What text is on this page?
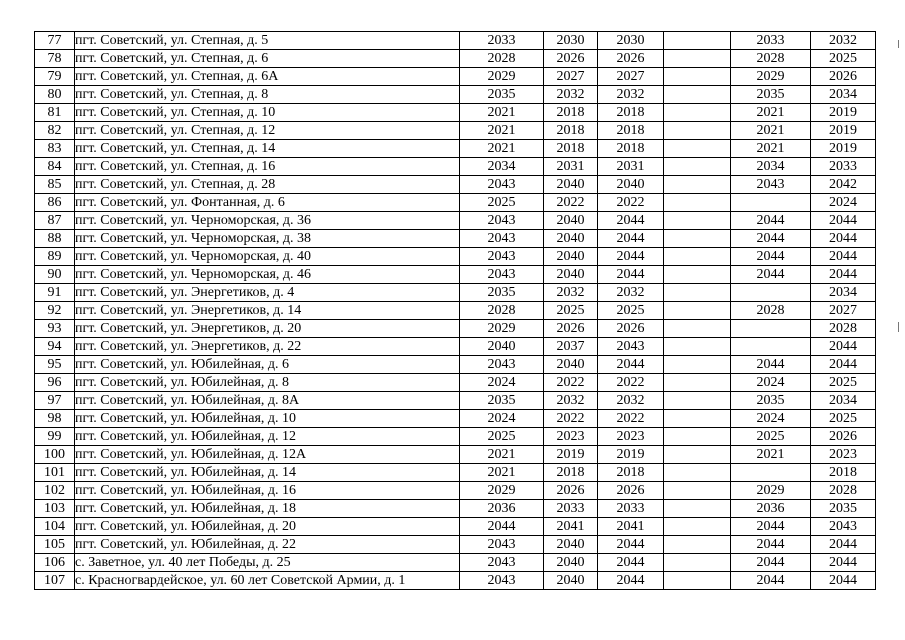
77	пгт. Советский, ул. Степная, д. 5	2033	2030	2030		2033	2032
78	пгт. Советский, ул. Степная, д. 6	2028	2026	2026		2028	2025
79	пгт. Советский, ул. Степная, д. 6А	2029	2027	2027		2029	2026
80	пгт. Советский, ул. Степная, д. 8	2035	2032	2032		2035	2034
81	пгт. Советский, ул. Степная, д. 10	2021	2018	2018		2021	2019
82	пгт. Советский, ул. Степная, д. 12	2021	2018	2018		2021	2019
83	пгт. Советский, ул. Степная, д. 14	2021	2018	2018		2021	2019
84	пгт. Советский, ул. Степная, д. 16	2034	2031	2031		2034	2033
85	пгт. Советский, ул. Степная, д. 28	2043	2040	2040		2043	2042
86	пгт. Советский, ул. Фонтанная, д. 6	2025	2022	2022			2024
87	пгт. Советский, ул. Черноморская, д. 36	2043	2040	2044		2044	2044
88	пгт. Советский, ул. Черноморская, д. 38	2043	2040	2044		2044	2044
89	пгт. Советский, ул. Черноморская, д. 40	2043	2040	2044		2044	2044
90	пгт. Советский, ул. Черноморская, д. 46	2043	2040	2044		2044	2044
91	пгт. Советский, ул. Энергетиков, д. 4	2035	2032	2032			2034
92	пгт. Советский, ул. Энергетиков, д. 14	2028	2025	2025		2028	2027
93	пгт. Советский, ул. Энергетиков, д. 20	2029	2026	2026			2028
94	пгт. Советский, ул. Энергетиков, д. 22	2040	2037	2043			2044
95	пгт. Советский, ул. Юбилейная, д. 6	2043	2040	2044		2044	2044
96	пгт. Советский, ул. Юбилейная, д. 8	2024	2022	2022		2024	2025
97	пгт. Советский, ул. Юбилейная, д. 8А	2035	2032	2032		2035	2034
98	пгт. Советский, ул. Юбилейная, д. 10	2024	2022	2022		2024	2025
99	пгт. Советский, ул. Юбилейная, д. 12	2025	2023	2023		2025	2026
100	пгт. Советский, ул. Юбилейная, д. 12А	2021	2019	2019		2021	2023
101	пгт. Советский, ул. Юбилейная, д. 14	2021	2018	2018			2018
102	пгт. Советский, ул. Юбилейная, д. 16	2029	2026	2026		2029	2028
103	пгт. Советский, ул. Юбилейная, д. 18	2036	2033	2033		2036	2035
104	пгт. Советский, ул. Юбилейная, д. 20	2044	2041	2041		2044	2043
105	пгт. Советский, ул. Юбилейная, д. 22	2043	2040	2044		2044	2044
106	с. Заветное, ул. 40 лет Победы, д. 25	2043	2040	2044		2044	2044
107	с. Красногвардейское, ул. 60 лет Советской Армии, д. 1	2043	2040	2044		2044	2044
